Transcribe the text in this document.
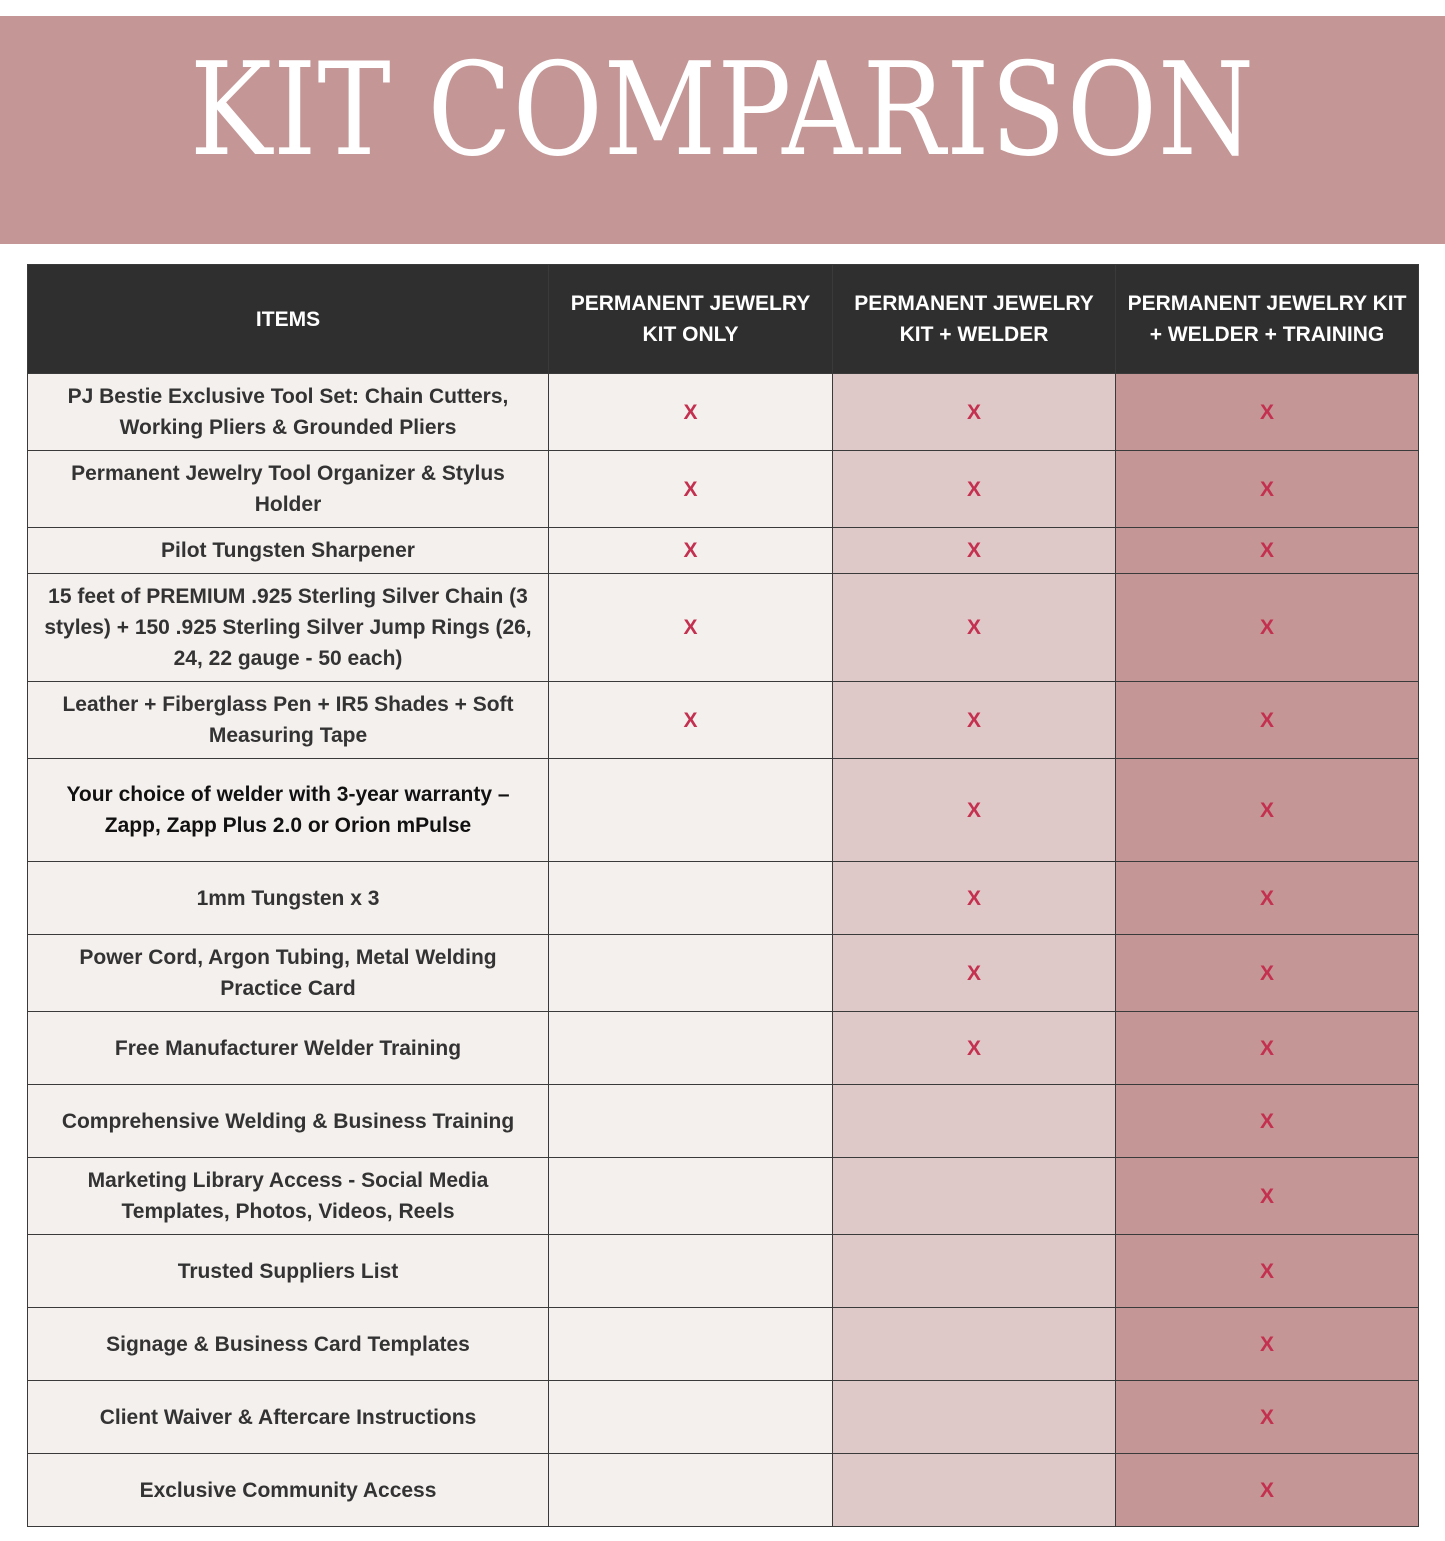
KIT COMPARISON
ITEMS	PERMANENT JEWELRY KIT ONLY	PERMANENT JEWELRY KIT + WELDER	PERMANENT JEWELRY KIT + WELDER + TRAINING
PJ Bestie Exclusive Tool Set: Chain Cutters, Working Pliers & Grounded Pliers	X	X	X
Permanent Jewelry Tool Organizer & Stylus Holder	X	X	X
Pilot Tungsten Sharpener	X	X	X
15 feet of PREMIUM .925 Sterling Silver Chain (3 styles) + 150 .925 Sterling Silver Jump Rings (26, 24, 22 gauge - 50 each)	X	X	X
Leather + Fiberglass Pen + IR5 Shades + Soft Measuring Tape	X	X	X
Your choice of welder with 3-year warranty – Zapp, Zapp Plus 2.0 or Orion mPulse		X	X
1mm Tungsten x 3		X	X
Power Cord, Argon Tubing, Metal Welding Practice Card		X	X
Free Manufacturer Welder Training		X	X
Comprehensive Welding & Business Training			X
Marketing Library Access - Social Media Templates, Photos, Videos, Reels			X
Trusted Suppliers List			X
Signage & Business Card Templates			X
Client Waiver & Aftercare Instructions			X
Exclusive Community Access			X
